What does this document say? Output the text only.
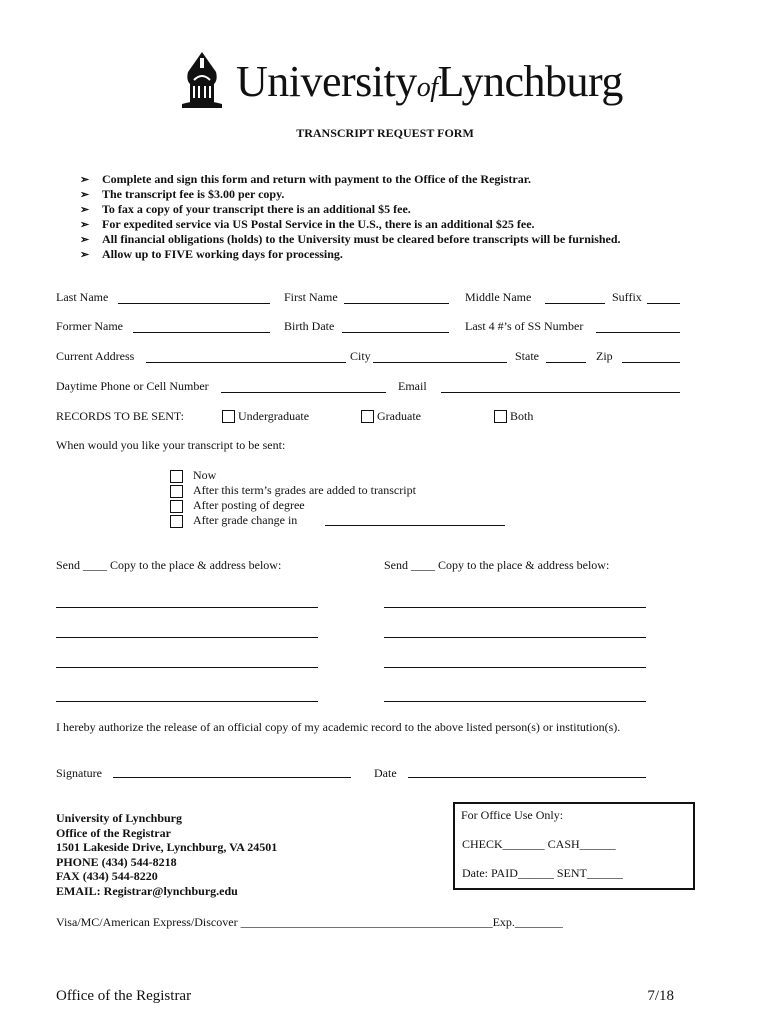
UniversityofLynchburg
TRANSCRIPT REQUEST FORM
➢ Complete and sign this form and return with payment to the Office of the Registrar.
➢ The transcript fee is $3.00 per copy.
➢ To fax a copy of your transcript there is an additional $5 fee.
➢ For expedited service via US Postal Service in the U.S., there is an additional $25 fee.
➢ All financial obligations (holds) to the University must be cleared before transcripts will be furnished.
➢ Allow up to FIVE working days for processing.
Last Name	First Name	Middle Name	Suffix
Former Name	Birth Date	Last 4 #’s of SS Number
Current Address	City	State	Zip
Daytime Phone or Cell Number	Email
RECORDS TO BE SENT:	Undergraduate	Graduate	Both
When would you like your transcript to be sent:
Now
After this term’s grades are added to transcript
After posting of degree
After grade change in
Send ____ Copy to the place & address below:	Send ____ Copy to the place & address below:
I hereby authorize the release of an official copy of my academic record to the above listed person(s) or institution(s).
Signature	Date
University of Lynchburg
Office of the Registrar
1501 Lakeside Drive, Lynchburg, VA 24501
PHONE (434) 544-8218
FAX (434) 544-8220
EMAIL: Registrar@lynchburg.edu
For Office Use Only:
CHECK_______ CASH______
Date: PAID______ SENT______
Visa/MC/American Express/Discover __________________________________________Exp.________
Office of the Registrar	7/18
